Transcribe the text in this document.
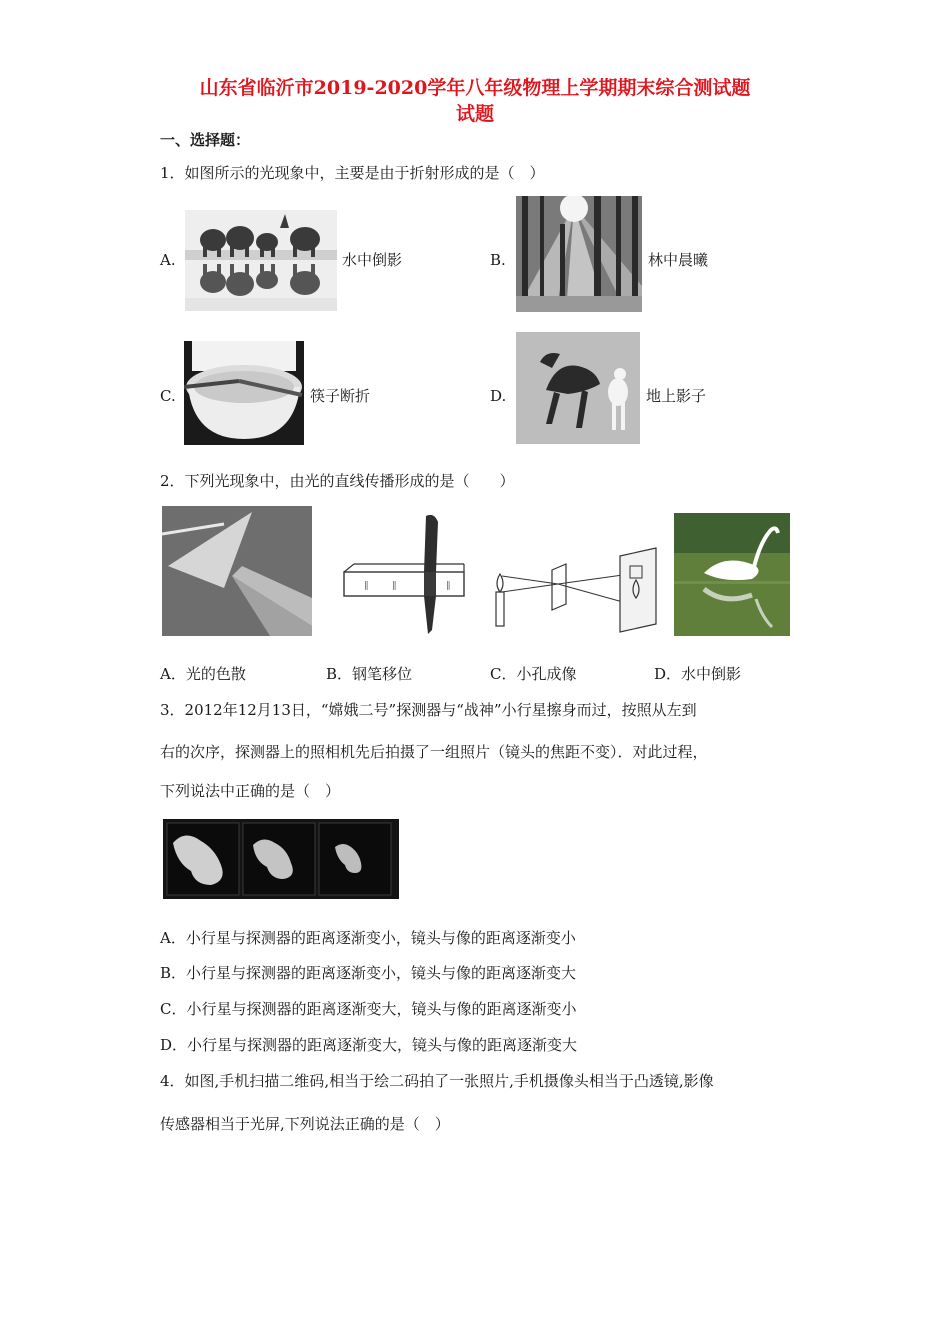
山东省临沂市2019-2020学年八年级物理上学期期末综合测试题
试题
一、选择题：
1．如图所示的光现象中，主要是由于折射形成的是（　）
A.	水中倒影	B.	林中晨曦
C.	筷子断折	D.	地上影子
2．下列光现象中，由光的直线传播形成的是（　　）
∥	∥	∥
A．光的色散	B．钢笔移位	C．小孔成像	D．水中倒影
3．2012年12月13日，“嫦娥二号”探测器与“战神”小行星擦身而过，按照从左到
右的次序，探测器上的照相机先后拍摄了一组照片（镜头的焦距不变）．对此过程，
下列说法中正确的是（　）
A．小行星与探测器的距离逐渐变小，镜头与像的距离逐渐变小
B．小行星与探测器的距离逐渐变小，镜头与像的距离逐渐变大
C．小行星与探测器的距离逐渐变大，镜头与像的距离逐渐变小
D．小行星与探测器的距离逐渐变大，镜头与像的距离逐渐变大
4．如图,手机扫描二维码,相当于绘二码拍了一张照片,手机摄像头相当于凸透镜,影像
传感器相当于光屏,下列说法正确的是（　）
